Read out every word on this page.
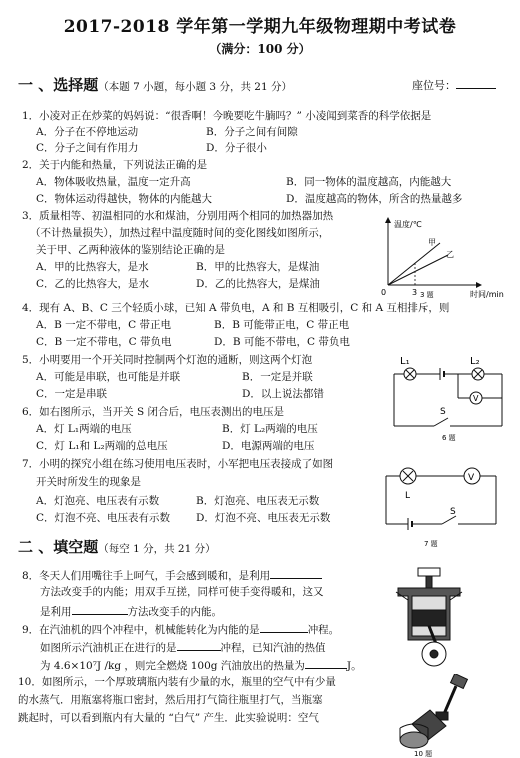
2017-2018 学年第一学期九年级物理期中考试卷
（满分：100 分）
一 、选择题（本题 7 小题，每小题 3 分，共 21 分）	座位号：
1．小凌对正在炒菜的妈妈说：“很香啊！今晚要吃牛腩吗？” 小凌闻到菜香的科学依据是
A．分子在不停地运动	B．分子之间有间隙
C．分子之间有作用力	D．分子很小
2．关于内能和热量，下列说法正确的是
A．物体吸收热量，温度一定升高	B．同一物体的温度越高，内能越大
C．物体运动得越快，物体的内能越大	D．温度越高的物体，所含的热量越多
3．质量相等、初温相同的水和煤油，分别用两个相同的加热器加热
（不计热量损失），加热过程中温度随时间的变化图线如图所示，
关于甲、乙两种液体的鉴别结论正确的是
A．甲的比热容大，是水	B．甲的比热容大，是煤油
C．乙的比热容大，是水	D．乙的比热容大，是煤油
温度/℃
甲
乙
0	3 3 题	时间/min
4．现有 A、B、C 三个轻质小球，已知 A 带负电，A 和 B 互相吸引，C 和 A 互相排斥，则
A．B 一定不带电，C 带正电	B．B 可能带正电，C 带正电
C．B 一定不带电，C 带负电	D．B 可能不带电，C 带负电
5．小明要用一个开关同时控制两个灯泡的通断，则这两个灯泡
A．可能是串联，也可能是并联	B．一定是并联
C．一定是串联	D．以上说法都错
6．如右图所示，当开关 S 闭合后，电压表测出的电压是
A．灯 L₁两端的电压	B．灯 L₂两端的电压
C．灯 L₁和 L₂两端的总电压	D．电源两端的电压
L₁	L₂
V
S
6 题
7．小明的探究小组在练习使用电压表时，小军把电压表接成了如图
开关时所发生的现象是
A．灯泡亮、电压表有示数	B．灯泡亮、电压表无示数
C．灯泡不亮、电压表有示数 D．灯泡不亮、电压表无示数
L
V
S
7 题
二 、填空题（每空 1 分，共 21 分）
8．冬天人们用嘴往手上呵气，手会感到暖和，是利用
方法改变手的内能；用双手互搓，同样可使手变得暖和，这又
是利用	方法改变手的内能。
9．在汽油机的四个冲程中，机械能转化为内能的是	冲程。
如图所示汽油机正在进行的是	冲程，已知汽油的热值
为 4.6×10⁷J /kg ，则完全燃烧 100g 汽油放出的热量为	J。
10．如图所示，一个厚玻璃瓶内装有少量的水，瓶里的空气中有少量
的水蒸气．用瓶塞将瓶口密封，然后用打气筒往瓶里打气，当瓶塞
跳起时，可以看到瓶内有大量的 “白气” 产生．此实验说明：空气
10 题
